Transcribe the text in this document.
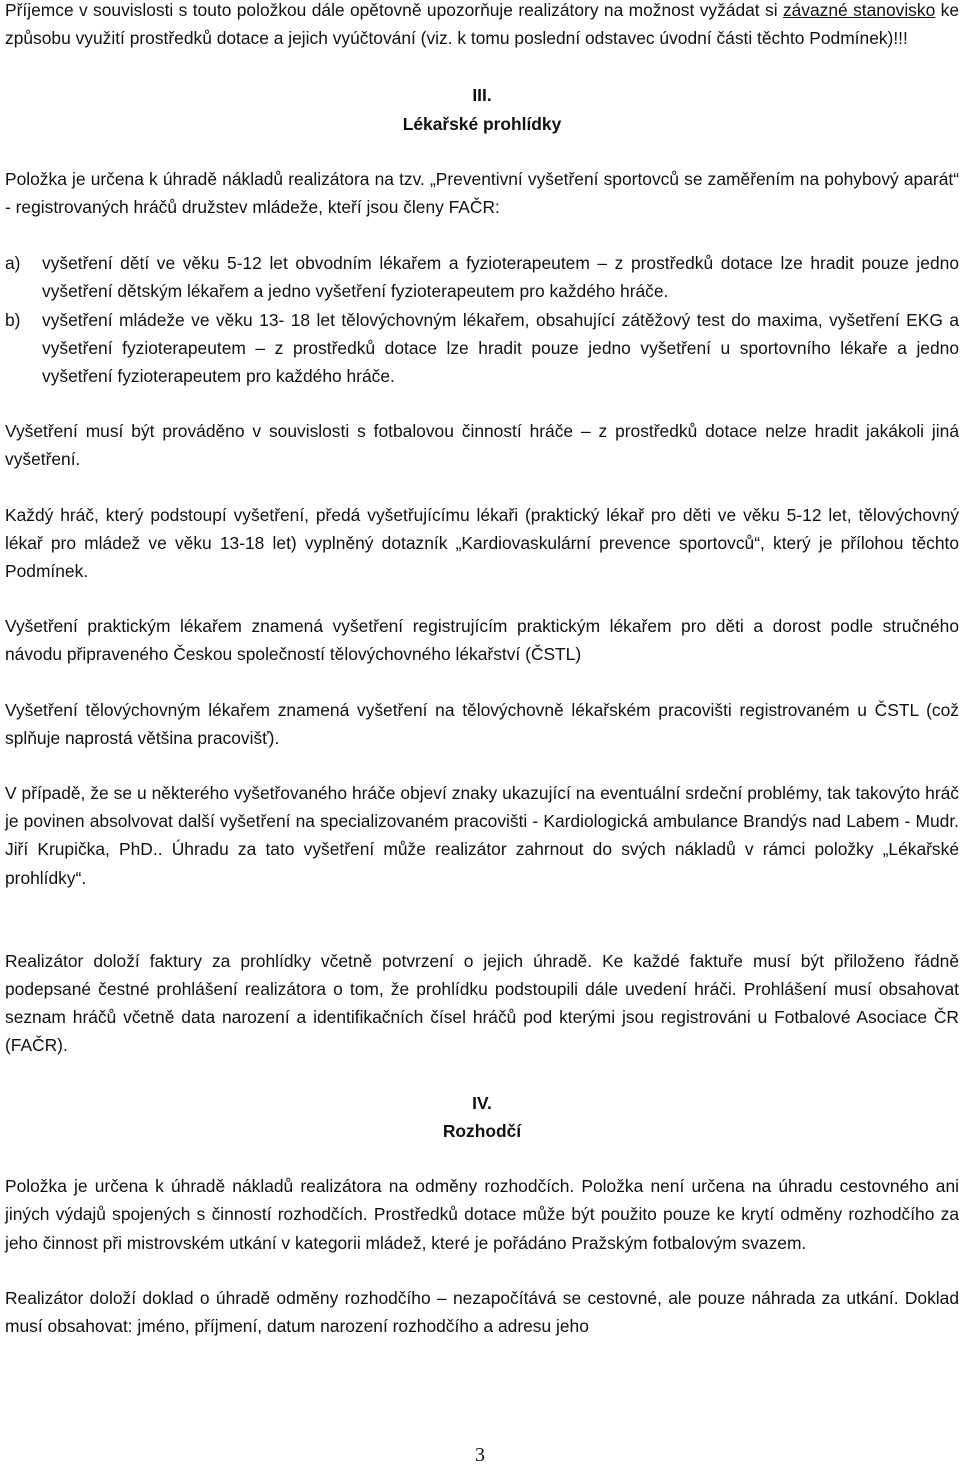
Příjemce v souvislosti s touto položkou dále opětovně upozorňuje realizátory na možnost vyžádat si závazné stanovisko ke způsobu využití prostředků dotace a jejich vyúčtování (viz. k tomu poslední odstavec úvodní části těchto Podmínek)!!!

III.
Lékařské prohlídky

Položka je určena k úhradě nákladů realizátora na tzv. „Preventivní vyšetření sportovců se zaměřením na pohybový aparát“ - registrovaných hráčů družstev mládeže, kteří jsou členy FAČR:

a)	vyšetření dětí ve věku 5-12 let obvodním lékařem a fyzioterapeutem – z prostředků dotace lze hradit pouze jedno vyšetření dětským lékařem a jedno vyšetření fyzioterapeutem pro každého hráče.
b)	vyšetření mládeže ve věku 13- 18 let tělovýchovným lékařem, obsahující zátěžový test do maxima, vyšetření EKG a vyšetření fyzioterapeutem – z prostředků dotace lze hradit pouze jedno vyšetření u sportovního lékaře a jedno vyšetření fyzioterapeutem pro každého hráče.

Vyšetření musí být prováděno v souvislosti s fotbalovou činností hráče – z prostředků dotace nelze hradit jakákoli jiná vyšetření.

Každý hráč, který podstoupí vyšetření, předá vyšetřujícímu lékaři (praktický lékař pro děti ve věku 5-12 let, tělovýchovný lékař pro mládež ve věku 13-18 let) vyplněný dotazník „Kardiovaskulární prevence sportovců“, který je přílohou těchto Podmínek.

Vyšetření praktickým lékařem znamená vyšetření registrujícím praktickým lékařem pro děti a dorost podle stručného návodu připraveného Českou společností tělovýchovného lékařství (ČSTL)

Vyšetření tělovýchovným lékařem znamená vyšetření na tělovýchovně lékařském pracovišti registrovaném u ČSTL (což splňuje naprostá většina pracovišť).

V případě, že se u některého vyšetřovaného hráče objeví znaky ukazující na eventuální srdeční problémy, tak takovýto hráč je povinen absolvovat další vyšetření na specializovaném pracovišti - Kardiologická ambulance Brandýs nad Labem - Mudr. Jiří Krupička, PhD.. Úhradu za tato vyšetření může realizátor zahrnout do svých nákladů v rámci položky „Lékařské prohlídky“.

Realizátor doloží faktury za prohlídky včetně potvrzení o jejich úhradě. Ke každé faktuře musí být přiloženo řádně podepsané čestné prohlášení realizátora o tom, že prohlídku podstoupili dále uvedení hráči. Prohlášení musí obsahovat seznam hráčů včetně data narození a identifikačních čísel hráčů pod kterými jsou registrováni u Fotbalové Asociace ČR (FAČR).

IV.
Rozhodčí

Položka je určena k úhradě nákladů realizátora na odměny rozhodčích. Položka není určena na úhradu cestovného ani jiných výdajů spojených s činností rozhodčích. Prostředků dotace může být použito pouze ke krytí odměny rozhodčího za jeho činnost při mistrovském utkání v kategorii mládež, které je pořádáno Pražským fotbalovým svazem.

Realizátor doloží doklad o úhradě odměny rozhodčího – nezapočítává se cestovné, ale pouze náhrada za utkání. Doklad musí obsahovat: jméno, příjmení, datum narození rozhodčího a adresu jeho

3
